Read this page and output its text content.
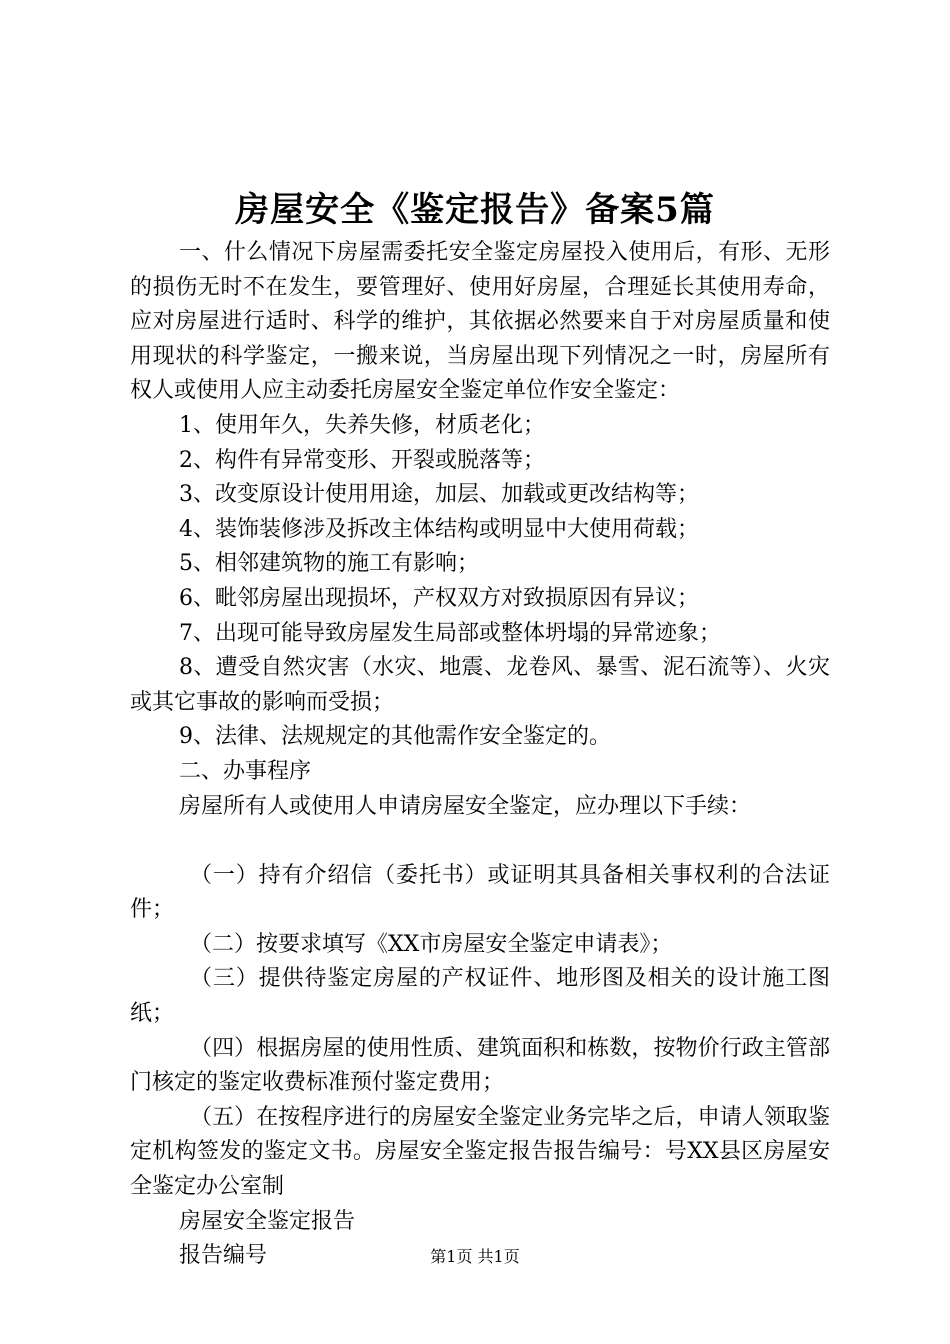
房屋安全《鉴定报告》备案5篇

一、什么情况下房屋需委托安全鉴定房屋投入使用后，有形、无形的损伤无时不在发生，要管理好、使用好房屋，合理延长其使用寿命，应对房屋进行适时、科学的维护，其依据必然要来自于对房屋质量和使用现状的科学鉴定，一搬来说，当房屋出现下列情况之一时，房屋所有权人或使用人应主动委托房屋安全鉴定单位作安全鉴定：

1、使用年久，失养失修，材质老化；

2、构件有异常变形、开裂或脱落等；

3、改变原设计使用用途，加层、加载或更改结构等；

4、装饰装修涉及拆改主体结构或明显中大使用荷载；

5、相邻建筑物的施工有影响；

6、毗邻房屋出现损坏，产权双方对致损原因有异议；

7、出现可能导致房屋发生局部或整体坍塌的异常迹象；

8、遭受自然灾害（水灾、地震、龙卷风、暴雪、泥石流等）、火灾或其它事故的影响而受损；

9、法律、法规规定的其他需作安全鉴定的。

二、办事程序

房屋所有人或使用人申请房屋安全鉴定，应办理以下手续：

（一）持有介绍信（委托书）或证明其具备相关事权利的合法证件；

（二）按要求填写《XX市房屋安全鉴定申请表》；

（三）提供待鉴定房屋的产权证件、地形图及相关的设计施工图纸；

（四）根据房屋的使用性质、建筑面积和栋数，按物价行政主管部门核定的鉴定收费标准预付鉴定费用；

（五）在按程序进行的房屋安全鉴定业务完毕之后，申请人领取鉴定机构签发的鉴定文书。房屋安全鉴定报告报告编号：号XX县区房屋安全鉴定办公室制

房屋安全鉴定报告

报告编号	第1页 共1页
